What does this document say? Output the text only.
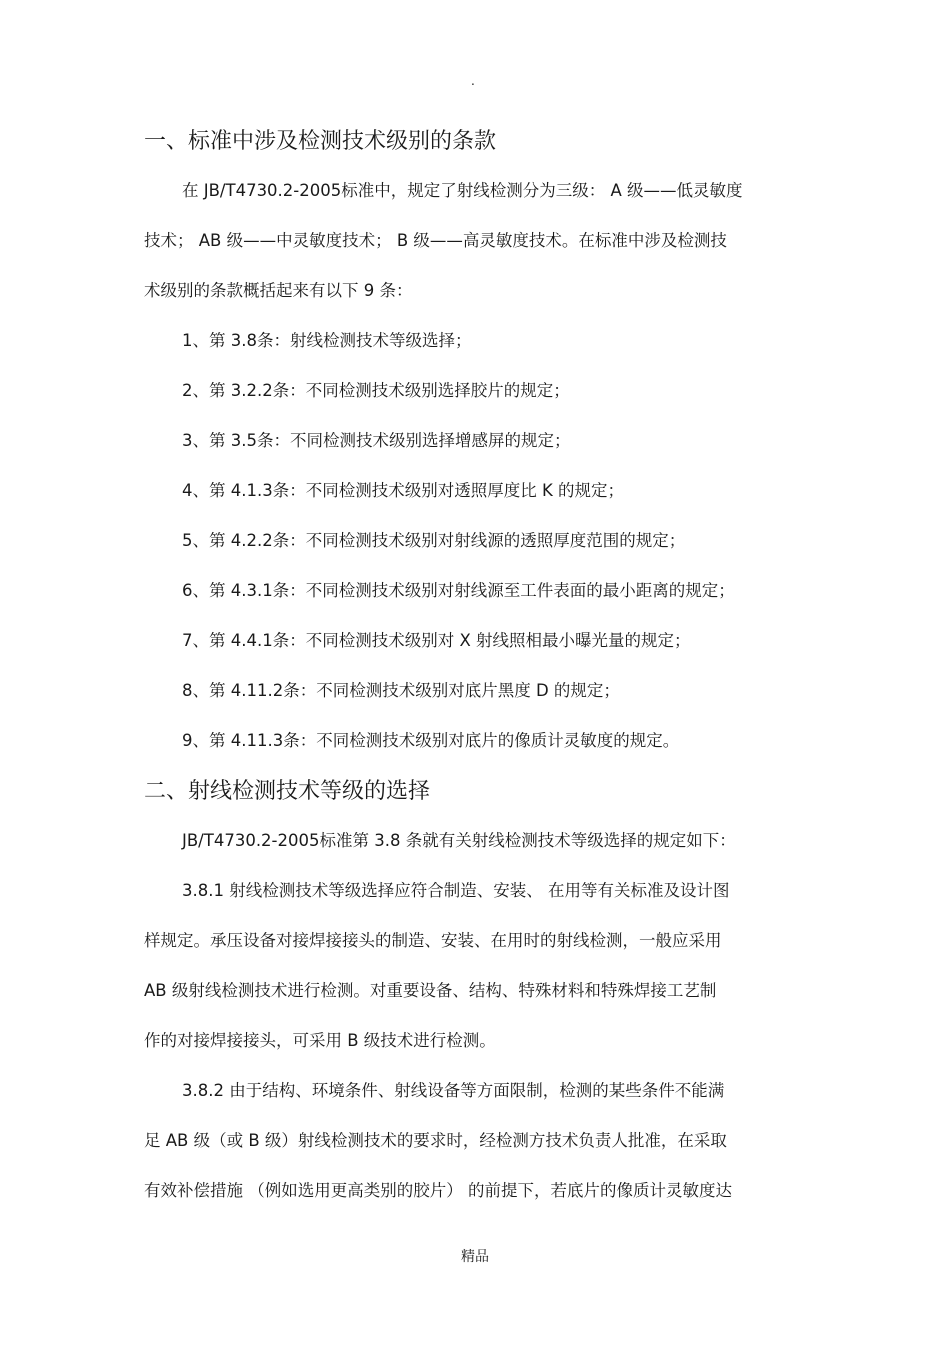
.
一、标准中涉及检测技术级别的条款
在 JB/T4730.2-2005标准中，规定了射线检测分为三级： A 级——低灵敏度
技术； AB 级——中灵敏度技术； B 级——高灵敏度技术。在标准中涉及检测技
术级别的条款概括起来有以下 9 条：
1、第 3.8条：射线检测技术等级选择；
2、第 3.2.2条：不同检测技术级别选择胶片的规定；
3、第 3.5条：不同检测技术级别选择增感屏的规定；
4、第 4.1.3条：不同检测技术级别对透照厚度比 K 的规定；
5、第 4.2.2条：不同检测技术级别对射线源的透照厚度范围的规定；
6、第 4.3.1条：不同检测技术级别对射线源至工件表面的最小距离的规定；
7、第 4.4.1条：不同检测技术级别对 X 射线照相最小曝光量的规定；
8、第 4.11.2条：不同检测技术级别对底片黑度 D 的规定；
9、第 4.11.3条：不同检测技术级别对底片的像质计灵敏度的规定。
二、射线检测技术等级的选择
JB/T4730.2-2005标准第 3.8 条就有关射线检测技术等级选择的规定如下：
3.8.1 射线检测技术等级选择应符合制造、安装、 在用等有关标准及设计图
样规定。承压设备对接焊接接头的制造、安装、在用时的射线检测，一般应采用
AB 级射线检测技术进行检测。对重要设备、结构、特殊材料和特殊焊接工艺制
作的对接焊接接头，可采用 B 级技术进行检测。
3.8.2 由于结构、环境条件、射线设备等方面限制，检测的某些条件不能满
足 AB 级（或 B 级）射线检测技术的要求时，经检测方技术负责人批准，在采取
有效补偿措施 （例如选用更高类别的胶片） 的前提下，若底片的像质计灵敏度达
精品
